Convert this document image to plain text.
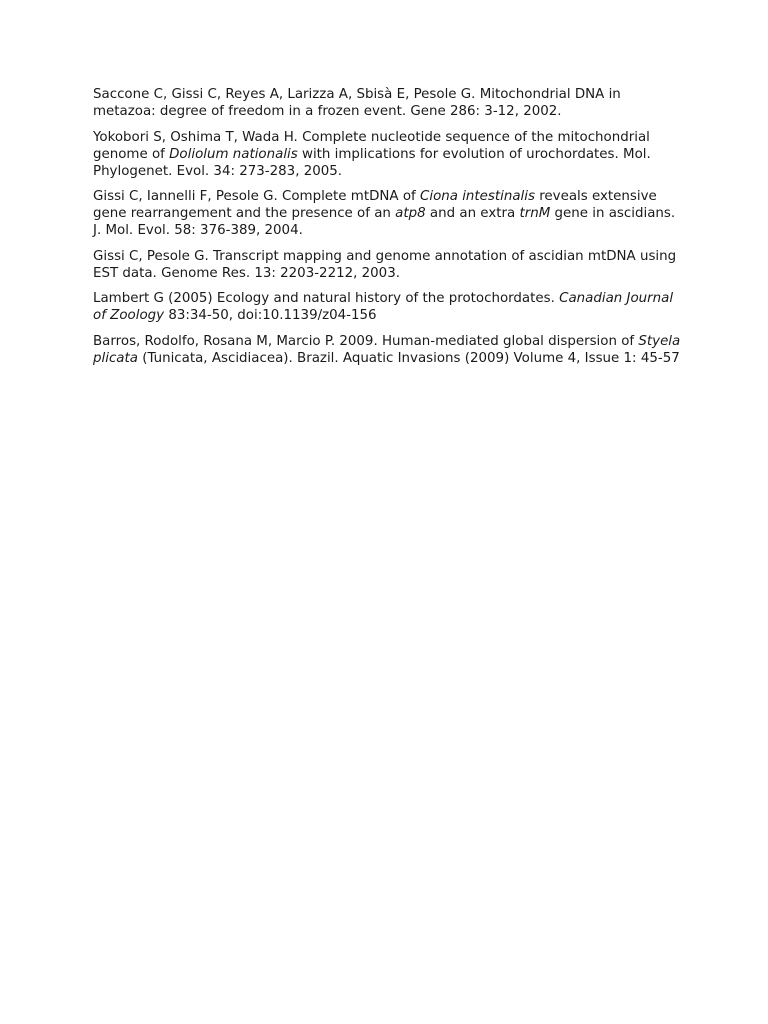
Saccone C, Gissi C, Reyes A, Larizza A, Sbisà E, Pesole G. Mitochondrial DNA in metazoa: degree of freedom in a frozen event. Gene 286: 3-12, 2002.

Yokobori S, Oshima T, Wada H. Complete nucleotide sequence of the mitochondrial genome of Doliolum nationalis with implications for evolution of urochordates. Mol. Phylogenet. Evol. 34: 273-283, 2005.

Gissi C, Iannelli F, Pesole G. Complete mtDNA of Ciona intestinalis reveals extensive gene rearrangement and the presence of an atp8 and an extra trnM gene in ascidians. J. Mol. Evol. 58: 376-389, 2004.

Gissi C, Pesole G. Transcript mapping and genome annotation of ascidian mtDNA using EST data. Genome Res. 13: 2203-2212, 2003.

Lambert G (2005) Ecology and natural history of the protochordates. Canadian Journal of Zoology 83:34-50, doi:10.1139/z04-156

Barros, Rodolfo, Rosana M, Marcio P. 2009. Human-mediated global dispersion of Styela plicata (Tunicata, Ascidiacea). Brazil. Aquatic Invasions (2009) Volume 4, Issue 1: 45-57
